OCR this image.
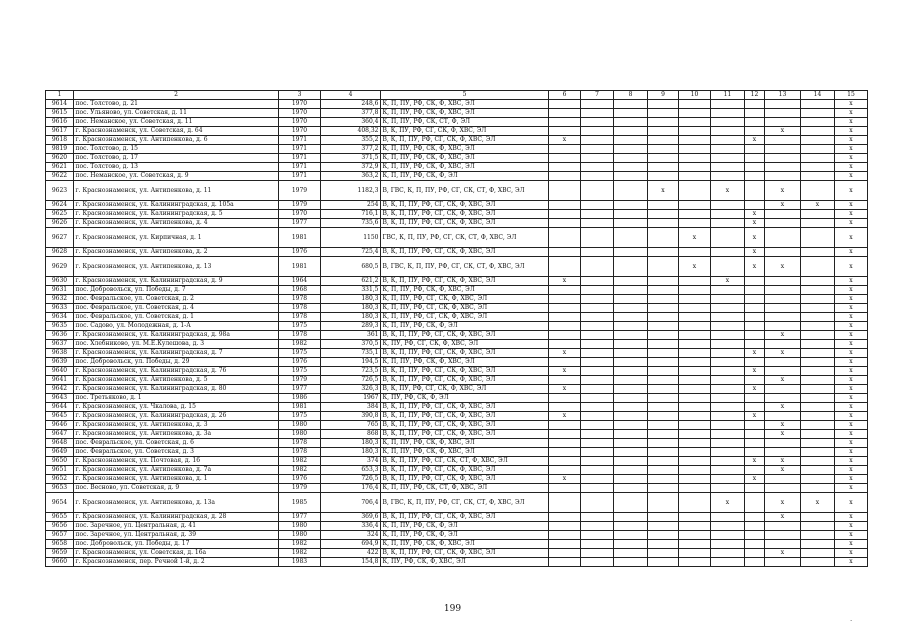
1	2	3	4	5	6	7	8	9	10	11	12	13	14	15
9614	пос. Толстово, д. 21	1970	248,6	К, П, ПУ, РФ, СК, Ф, ХВС, ЭЛ										x
9615	пос. Ульяново, ул. Советская, д. 11	1970	377,8	К, П, ПУ, РФ, СК, Ф, ХВС, ЭЛ										x
9616	пос. Неманское, ул. Советская, д. 11	1970	360,4	К, П, ПУ, РФ, СК, СТ, Ф, ЭЛ										x
9617	г. Краснознаменск, ул. Советская, д. 64	1970	408,32	В, К, ПУ, РФ, СГ, СК, Ф, ХВС, ЭЛ								x		x
9618	г. Краснознаменск, ул. Антипенкова, д. 6	1971	355,2	В, К, П, ПУ, РФ, СГ, СК, Ф, ХВС, ЭЛ	x						x			x
9819	пос. Толстово, д. 15	1971	377,2	К, П, ПУ, РФ, СК, Ф, ХВС, ЭЛ										x
9620	пос. Толстово, д. 17	1971	371,5	К, П, ПУ, РФ, СК, Ф, ХВС, ЭЛ										x
9621	пос. Толстово, д. 13	1971	372,9	К, П, ПУ, РФ, СК, Ф, ХВС, ЭЛ										x
9622	пос. Неманское, ул. Советская, д. 9	1971	363,2	К, П, ПУ, РФ, СК, Ф, ЭЛ										x
9623	г. Краснознаменск, ул. Антипенкова, д. 11	1979	1182,3	В, ГВС, К, П, ПУ, РФ, СГ, СК, СТ, Ф, ХВС, ЭЛ				x		x		x		x
9624	г. Краснознаменск, ул. Калининградская, д. 105а	1979	254	В, К, П, ПУ, РФ, СГ, СК, Ф, ХВС, ЭЛ								x	x	x
9625	г. Краснознаменск, ул. Калининградская, д. 5	1970	716,1	В, К, П, ПУ, РФ, СГ, СК, Ф, ХВС, ЭЛ							x			x
9626	г. Краснознаменск, ул. Антипенкова, д. 4	1977	735,6	В, К, П, ПУ, РФ, СГ, СК, Ф, ХВС, ЭЛ							x			x
9627	г. Краснознаменск, ул. Кирпичная, д. 1	1981	1150	ГВС, К, П, ПУ, РФ, СГ, СК, СТ, Ф, ХВС, ЭЛ					x		x			x
9628	г. Краснознаменск, ул. Антипенкова, д. 2	1976	725,4	В, К, П, ПУ, РФ, СГ, СК, Ф, ХВС, ЭЛ							x			x
9629	г. Краснознаменск, ул. Антипенкова, д. 13	1981	680,5	В, ГВС, К, П, ПУ, РФ, СГ, СК, СТ, Ф, ХВС, ЭЛ					x		x	x		x
9630	г. Краснознаменск, ул. Калининградская, д. 9	1964	621,2	В, К, П, ПУ, РФ, СГ, СК, Ф, ХВС, ЭЛ	x					x				x
9631	пос. Добровольск, ул. Победы, д. 7	1968	331,5	К, П, ПУ, РФ, СК, Ф, ХВС, ЭЛ										x
9632	пос. Февральское, ул. Советская, д. 2	1978	180,3	К, П, ПУ, РФ, СГ, СК, Ф, ХВС, ЭЛ										x
9633	пос. Февральское, ул. Советская, д. 4	1978	180,3	К, П, ПУ, РФ, СГ, СК, Ф, ХВС, ЭЛ										x
9634	пос. Февральское, ул. Советская, д. 1	1978	180,3	К, П, ПУ, РФ, СГ, СК, Ф, ХВС, ЭЛ										x
9635	пос. Садово, ул. Молодежная, д. 1-А	1975	289,3	К, П, ПУ, РФ, СК, Ф, ЭЛ										x
9636	г. Краснознаменск, ул. Калининградская, д. 98а	1978	361	В, К, П, ПУ, РФ, СГ, СК, Ф, ХВС, ЭЛ								x		x
9637	пос. Хлебниково, ул. М.Е.Кулешова, д. 3	1982	370,5	К, ПУ, РФ, СГ, СК, Ф, ХВС, ЭЛ										x
9638	г. Краснознаменск, ул. Калининградская, д. 7	1975	735,1	В, К, П, ПУ, РФ, СГ, СК, Ф, ХВС, ЭЛ	x						x	x		x
9639	пос. Добровольск, ул. Победы, д. 29	1976	194,5	К, П, ПУ, РФ, СК, Ф, ХВС, ЭЛ										x
9640	г. Краснознаменск, ул. Калининградская, д. 76	1975	723,5	В, К, П, ПУ, РФ, СГ, СК, Ф, ХВС, ЭЛ	x						x			x
9641	г. Краснознаменск, ул. Антипенкова, д. 5	1979	726,5	В, К, П, ПУ, РФ, СГ, СК, Ф, ХВС, ЭЛ								x		x
9642	г. Краснознаменск, ул. Калининградская, д. 80	1977	326,3	В, К, ПУ, РФ, СГ, СК, Ф, ХВС, ЭЛ	x						x			x
9643	пос. Третьяково, д. 1	1986	1967	К, ПУ, РФ, СК, Ф, ЭЛ										x
9644	г. Краснознаменск, ул. Чкалова, д. 15	1981	384	В, К, П, ПУ, РФ, СГ, СК, Ф, ХВС, ЭЛ								x		x
9645	г. Краснознаменск, ул. Калининградская, д. 26	1975	390,8	В, К, П, ПУ, РФ, СГ, СК, Ф, ХВС, ЭЛ	x						x			x
9646	г. Краснознаменск, ул. Антипенкова, д. 3	1980	765	В, К, П, ПУ, РФ, СГ, СК, Ф, ХВС, ЭЛ								x		x
9647	г. Краснознаменск, ул. Антипенкова, д. 3а	1980	868	В, К, П, ПУ, РФ, СГ, СК, Ф, ХВС, ЭЛ								x		x
9648	пос. Февральское, ул. Советская, д. 6	1978	180,3	К, П, ПУ, РФ, СК, Ф, ХВС, ЭЛ										x
9649	пос. Февральское, ул. Советская, д. 3	1978	180,3	К, П, ПУ, РФ, СК, Ф, ХВС, ЭЛ										x
9650	г. Краснознаменск, ул. Почтовая, д. 16	1982	374	В, К, П, ПУ, РФ, СГ, СК, СТ, Ф, ХВС, ЭЛ							x	x		x
9651	г. Краснознаменск, ул. Антипенкова, д. 7а	1982	653,3	В, К, П, ПУ, РФ, СГ, СК, Ф, ХВС, ЭЛ								x		x
9652	г. Краснознаменск, ул. Антипенкова, д. 1	1976	726,5	В, К, П, ПУ, РФ, СГ, СК, Ф, ХВС, ЭЛ	x						x			x
9653	пос. Весново, ул. Советская, д. 9	1979	176,4	К, П, ПУ, РФ, СК, СТ, Ф, ХВС, ЭЛ										x
9654	г. Краснознаменск, ул. Антипенкова, д. 13а	1985	706,4	В, ГВС, К, П, ПУ, РФ, СГ, СК, СТ, Ф, ХВС, ЭЛ						x		x	x	x
9655	г. Краснознаменск, ул. Калининградская, д. 28	1977	369,6	В, К, П, ПУ, РФ, СГ, СК, Ф, ХВС, ЭЛ								x		x
9656	пос. Заречное, ул. Центральная, д. 41	1980	336,4	К, П, ПУ, РФ, СК, Ф, ЭЛ										x
9657	пос. Заречное, ул. Центральная, д. 39	1980	324	К, П, ПУ, РФ, СК, Ф, ЭЛ										x
9658	пос. Добровольск, ул. Победы, д. 17	1982	694,9	К, П, ПУ, РФ, СК, Ф, ХВС, ЭЛ										x
9659	г. Краснознаменск, ул. Советская, д. 16а	1982	422	В, К, П, ПУ, РФ, СГ, СК, Ф, ХВС, ЭЛ								x		x
9660	г. Краснознаменск, пер. Речной 1-й, д. 2	1983	154,8	К, ПУ, РФ, СК, Ф, ХВС, ЭЛ										x
199
·
